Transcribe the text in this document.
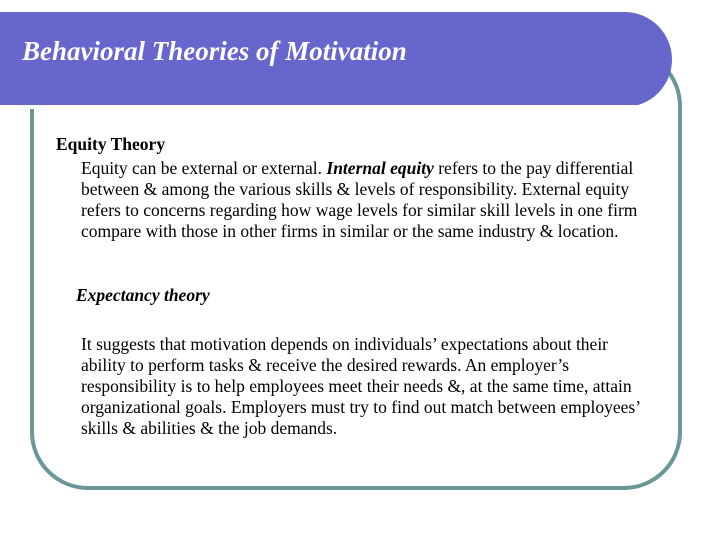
Behavioral Theories of Motivation
Equity Theory
Equity can be external or external. Internal equity refers to the pay differential between & among the various skills & levels of responsibility. External equity refers to concerns regarding how wage levels for similar skill levels in one firm compare with those in other firms in similar or the same industry & location.
Expectancy theory
It suggests that motivation depends on individuals’ expectations about their ability to perform tasks & receive the desired rewards. An employer’s responsibility is to help employees meet their needs &, at the same time, attain organizational goals. Employers must try to find out match between employees’ skills & abilities & the job demands.
